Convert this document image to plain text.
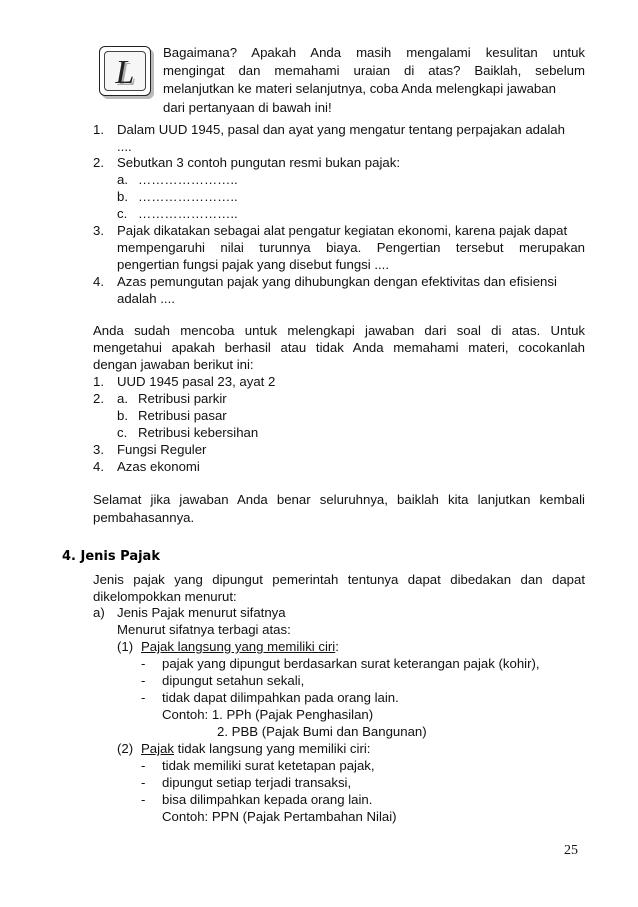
L
Bagaimana? Apakah Anda masih mengalami kesulitan untuk
mengingat dan memahami uraian di atas? Baiklah, sebelum
melanjutkan ke materi selanjutnya, coba Anda melengkapi jawaban
dari pertanyaan di bawah ini!
1. Dalam UUD 1945, pasal dan ayat yang mengatur tentang perpajakan adalah
....
2. Sebutkan 3 contoh pungutan resmi bukan pajak:
a. …………………..
b. …………………..
c. …………………..
3. Pajak dikatakan sebagai alat pengatur kegiatan ekonomi, karena pajak dapat
mempengaruhi nilai turunnya biaya. Pengertian tersebut merupakan
pengertian fungsi pajak yang disebut fungsi ....
4. Azas pemungutan pajak yang dihubungkan dengan efektivitas dan efisiensi
adalah ....
Anda sudah mencoba untuk melengkapi jawaban dari soal di atas. Untuk
mengetahui apakah berhasil atau tidak Anda memahami materi, cocokanlah
dengan jawaban berikut ini:
1. UUD 1945 pasal 23, ayat 2
2. a. Retribusi parkir
b. Retribusi pasar
c. Retribusi kebersihan
3. Fungsi Reguler
4. Azas ekonomi
Selamat jika jawaban Anda benar seluruhnya, baiklah kita lanjutkan kembali
pembahasannya.
4. Jenis Pajak
Jenis pajak yang dipungut pemerintah tentunya dapat dibedakan dan dapat
dikelompokkan menurut:
a) Jenis Pajak menurut sifatnya
Menurut sifatnya terbagi atas:
(1) Pajak langsung yang memiliki ciri:
- pajak yang dipungut berdasarkan surat keterangan pajak (kohir),
- dipungut setahun sekali,
- tidak dapat dilimpahkan pada orang lain.
Contoh: 1. PPh (Pajak Penghasilan)
2. PBB (Pajak Bumi dan Bangunan)
(2) Pajak tidak langsung yang memiliki ciri:
- tidak memiliki surat ketetapan pajak,
- dipungut setiap terjadi transaksi,
- bisa dilimpahkan kepada orang lain.
Contoh: PPN (Pajak Pertambahan Nilai)
25
